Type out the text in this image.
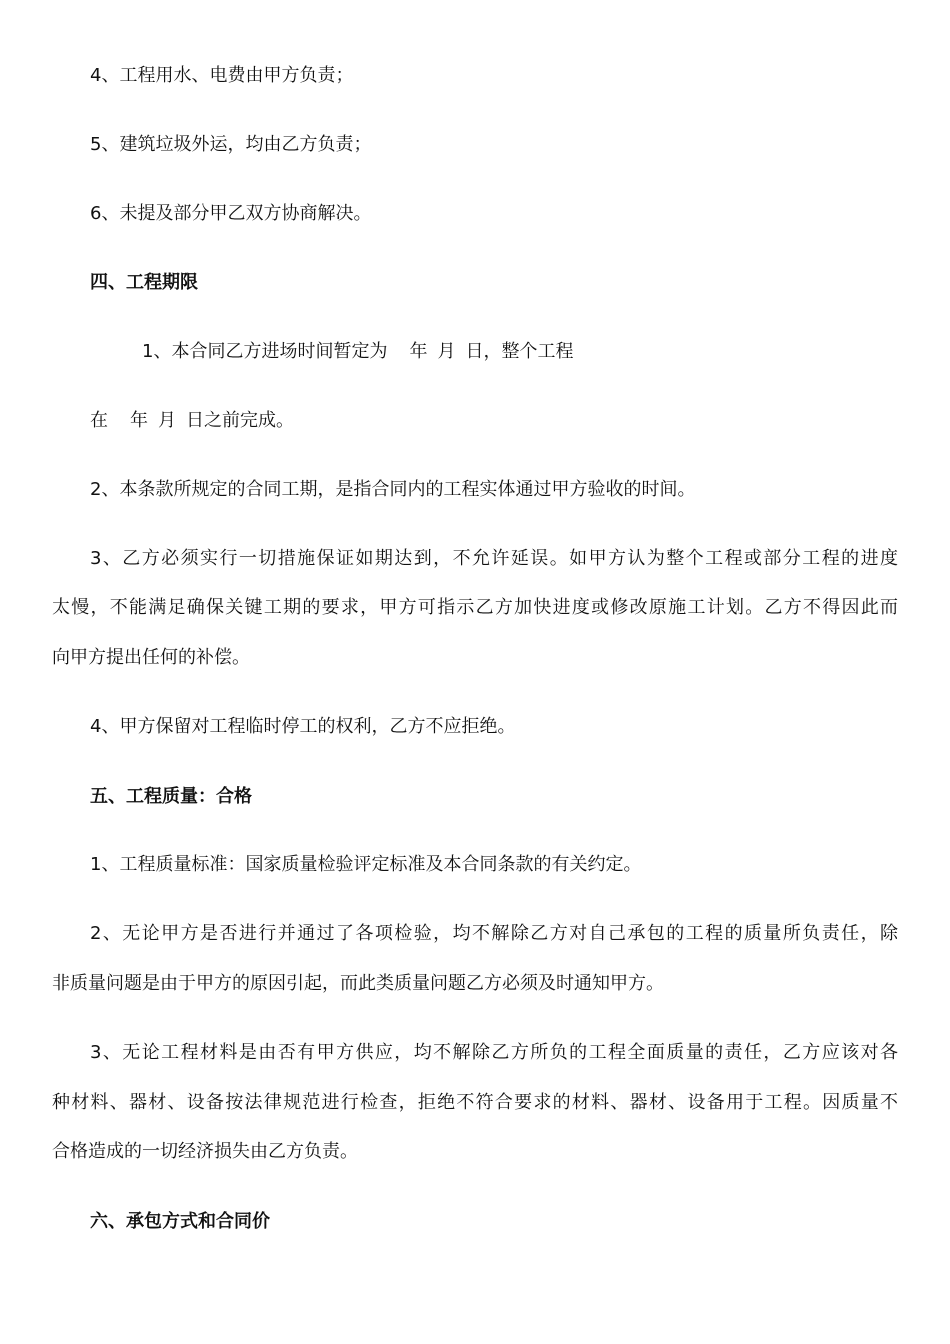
4、工程用水、电费由甲方负责；
5、建筑垃圾外运，均由乙方负责；
6、未提及部分甲乙双方协商解决。
四、工程期限
1、本合同乙方进场时间暂定为 年 月 日，整个工程
在 年 月 日之前完成。
2、本条款所规定的合同工期，是指合同内的工程实体通过甲方验收的时间。
3、乙方必须实行一切措施保证如期达到，不允许延误。如甲方认为整个工程或部分工程的进度
太慢，不能满足确保关键工期的要求，甲方可指示乙方加快进度或修改原施工计划。乙方不得因此而
向甲方提出任何的补偿。
4、甲方保留对工程临时停工的权利，乙方不应拒绝。
五、工程质量：合格
1、工程质量标准：国家质量检验评定标准及本合同条款的有关约定。
2、无论甲方是否进行并通过了各项检验，均不解除乙方对自己承包的工程的质量所负责任，除
非质量问题是由于甲方的原因引起，而此类质量问题乙方必须及时通知甲方。
3、无论工程材料是由否有甲方供应，均不解除乙方所负的工程全面质量的责任，乙方应该对各
种材料、器材、设备按法律规范进行检查，拒绝不符合要求的材料、器材、设备用于工程。因质量不
合格造成的一切经济损失由乙方负责。
六、承包方式和合同价
